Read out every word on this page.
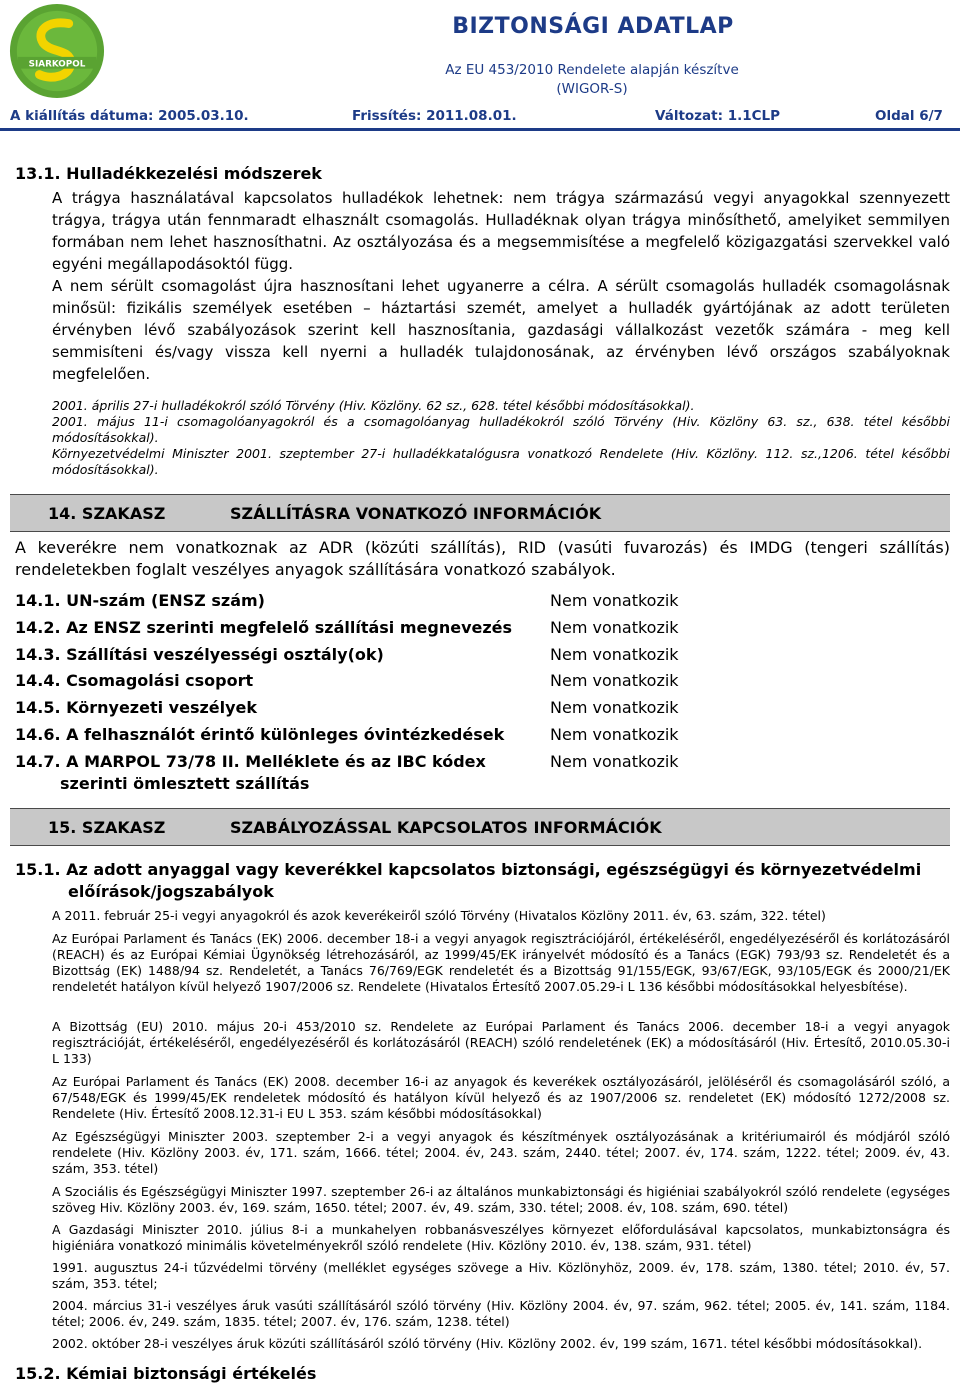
SIARKOPOL
BIZTONSÁGI ADATLAP
Az EU 453/2010 Rendelete alapján készítve
(WIGOR-S)
A kiállítás dátuma: 2005.03.10.	Frissítés: 2011.08.01.	Változat: 1.1CLP	Oldal 6/7
13.1. Hulladékkezelési módszerek
A trágya használatával kapcsolatos hulladékok lehetnek: nem trágya származású vegyi anyagokkal szennyezett trágya, trágya után fennmaradt elhasznált csomagolás. Hulladéknak olyan trágya minősíthető, amelyiket semmilyen formában nem lehet hasznosíthatni. Az osztályozása és a megsemmisítése a megfelelő közigazgatási szervekkel való egyéni megállapodásoktól függ.
A nem sérült csomagolást újra hasznosítani lehet ugyanerre a célra. A sérült csomagolás hulladék csomagolásnak minősül: fizikális személyek esetében – háztartási szemét, amelyet a hulladék gyártójának az adott területen érvényben lévő szabályozások szerint kell hasznosítania, gazdasági vállalkozást vezetők számára - meg kell semmisíteni és/vagy vissza kell nyerni a hulladék tulajdonosának, az érvényben lévő országos szabályoknak megfelelően.
2001. április 27-i hulladékokról szóló Törvény (Hiv. Közlöny. 62 sz., 628. tétel későbbi módosításokkal).
2001. május 11-i csomagolóanyagokról és a csomagolóanyag hulladékokról szóló Törvény (Hiv. Közlöny 63. sz., 638. tétel későbbi módosításokkal).
Környezetvédelmi Miniszter 2001. szeptember 27-i hulladékkatalógusra vonatkozó Rendelete (Hiv. Közlöny. 112. sz.,1206. tétel későbbi módosításokkal).
14. SZAKASZ	SZÁLLÍTÁSRA VONATKOZÓ INFORMÁCIÓK
A keverékre nem vonatkoznak az ADR (közúti szállítás), RID (vasúti fuvarozás) és IMDG (tengeri szállítás) rendeletekben foglalt veszélyes anyagok szállítására vonatkozó szabályok.
14.1. UN-szám (ENSZ szám)	Nem vonatkozik
14.2. Az ENSZ szerinti megfelelő szállítási megnevezés Nem vonatkozik
14.3. Szállítási veszélyességi osztály(ok)	Nem vonatkozik
14.4. Csomagolási csoport	Nem vonatkozik
14.5. Környezeti veszélyek	Nem vonatkozik
14.6. A felhasználót érintő különleges óvintézkedések	Nem vonatkozik
14.7. A MARPOL 73/78 II. Melléklete és az IBC kódex
szerinti ömlesztett szállítás
Nem vonatkozik
15. SZAKASZ	SZABÁLYOZÁSSAL KAPCSOLATOS INFORMÁCIÓK
15.1. Az adott anyaggal vagy keverékkel kapcsolatos biztonsági, egészségügyi és környezetvédelmi
előírások/jogszabályok
A 2011. február 25-i vegyi anyagokról és azok keverékeiről szóló Törvény (Hivatalos Közlöny 2011. év, 63. szám, 322. tétel)
Az Európai Parlament és Tanács (EK) 2006. december 18-i a vegyi anyagok regisztrációjáról, értékeléséről, engedélyezéséről és korlátozásáról (REACH) és az Európai Kémiai Ügynökség létrehozásáról, az 1999/45/EK irányelvét módosító és a Tanács (EGK) 793/93 sz. Rendeletét és a Bizottság (EK) 1488/94 sz. Rendeletét, a Tanács 76/769/EGK rendeletét és a Bizottság 91/155/EGK, 93/67/EGK, 93/105/EGK és 2000/21/EK rendeletét hatályon kívül helyező 1907/2006 sz. Rendelete (Hivatalos Értesítő 2007.05.29-i L 136 későbbi módosításokkal helyesbítése).
A Bizottság (EU) 2010. május 20-i 453/2010 sz. Rendelete az Európai Parlament és Tanács 2006. december 18-i a vegyi anyagok regisztrációját, értékeléséről, engedélyezéséről és korlátozásáról (REACH) szóló rendeletének (EK) a módosításáról (Hiv. Értesítő, 2010.05.30-i L 133)
Az Európai Parlament és Tanács (EK) 2008. december 16-i az anyagok és keverékek osztályozásáról, jelöléséről és csomagolásáról szóló, a 67/548/EGK és 1999/45/EK rendeletek módosító és hatályon kívül helyező és az 1907/2006 sz. rendeletet (EK) módosító 1272/2008 sz. Rendelete (Hiv. Értesítő 2008.12.31-i EU L 353. szám későbbi módosításokkal)
Az Egészségügyi Miniszter 2003. szeptember 2-i a vegyi anyagok és készítmények osztályozásának a kritériumairól és módjáról szóló rendelete (Hiv. Közlöny 2003. év, 171. szám, 1666. tétel; 2004. év, 243. szám, 2440. tétel; 2007. év, 174. szám, 1222. tétel; 2009. év, 43. szám, 353. tétel)
A Szociális és Egészségügyi Miniszter 1997. szeptember 26-i az általános munkabiztonsági és higiéniai szabályokról szóló rendelete (egységes szöveg Hiv. Közlöny 2003. év, 169. szám, 1650. tétel; 2007. év, 49. szám, 330. tétel; 2008. év, 108. szám, 690. tétel)
A Gazdasági Miniszter 2010. július 8-i a munkahelyen robbanásveszélyes környezet előfordulásával kapcsolatos, munkabiztonságra és higiéniára vonatkozó minimális követelményekről szóló rendelete (Hiv. Közlöny 2010. év, 138. szám, 931. tétel)
1991. augusztus 24-i tűzvédelmi törvény (melléklet egységes szövege a Hiv. Közlönyhöz, 2009. év, 178. szám, 1380. tétel; 2010. év, 57. szám, 353. tétel;
2004. március 31-i veszélyes áruk vasúti szállításáról szóló törvény (Hiv. Közlöny 2004. év, 97. szám, 962. tétel; 2005. év, 141. szám, 1184. tétel; 2006. év, 249. szám, 1835. tétel; 2007. év, 176. szám, 1238. tétel)
2002. október 28-i veszélyes áruk közúti szállításáról szóló törvény (Hiv. Közlöny 2002. év, 199 szám, 1671. tétel későbbi módosításokkal).
15.2. Kémiai biztonsági értékelés
